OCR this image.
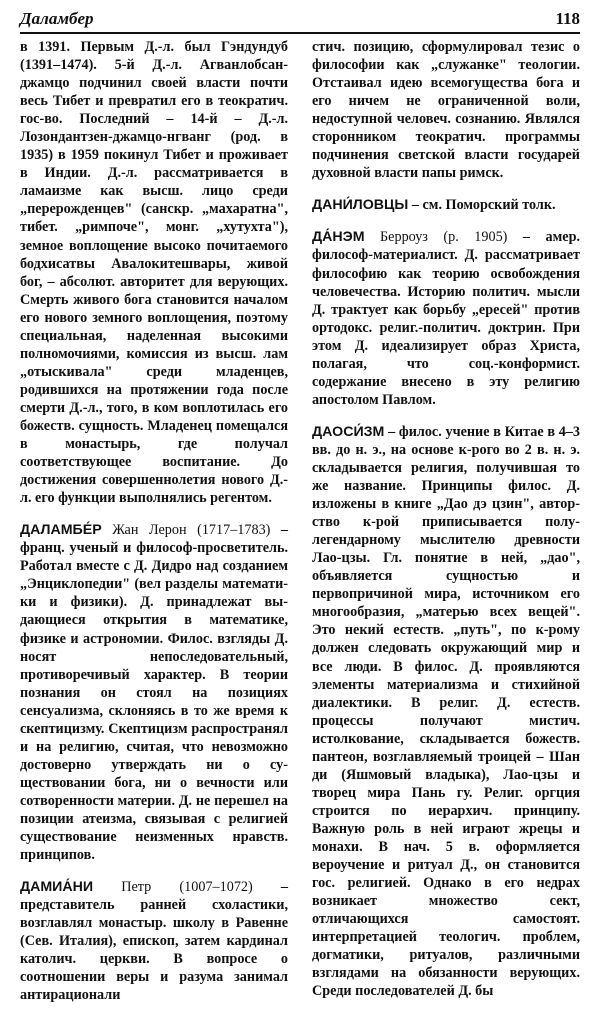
Даламбер	118

в 1391. Первым Д.-л. был Гэндундуб (1391–1474). 5-й Д.-л. Агванлобсан-джамцо подчинил своей власти почти весь Тибет и превратил его в теократич. гос-во. Последний – 14-й – Д.-л. Лозондантзен-джамцо-нгванг (род. в 1935) в 1959 покинул Тибет и проживает в Индии. Д.-л. рассматривается в ламаизме как высш. лицо среди „перерожденцев" (санскр. „махаратна", тибет. „римпоче", монг. „хутухта"), земное воплощение высоко почитаемого бодхисатвы Авалокитешвары, живой бог, – абсолют. авторитет для верующих. Смерть живого бога становится началом его нового земного воплощения, поэтому специальная, наделенная высокими полномочиями, комиссия из высш. лам „отыскивала" среди младенцев, родившихся на протяжении года после смерти Д.-л., того, в ком воплотилась его божеств. сущность. Младенец помещался в монастырь, где получал соответствующее воспитание. До достижения совершеннолетия нового Д.-л. его функции выполнялись регентом.

ДАЛАМБЕ́Р Жан Лерон (1717–1783) – франц. ученый и философ-просветитель. Работал вместе с Д. Дидро над созданием „Энциклопедии" (вел разделы математики и физики). Д. принадлежат выдающиеся открытия в математике, физике и астрономии. Филос. взгляды Д. носят непоследовательный, противоречивый характер. В теории познания он стоял на позициях сенсуализма, склоняясь в то же время к скептицизму. Скептицизм распространял и на религию, считая, что невозможно достоверно утверждать ни о существовании бога, ни о вечности или сотворенности материи. Д. не перешел на позиции атеизма, связывая с религией существование неизменных нравств. принципов.

ДАМИА́НИ Петр (1007–1072) – представитель ранней схоластики, возглавлял монастыр. школу в Равенне (Сев. Италия), епископ, затем кардинал католич. церкви. В вопросе о соотношении веры и разума занимал антирационали

стич. позицию, сформулировал тезис о философии как „служанке" теологии. Отстаивал идею всемогущества бога и его ничем не ограниченной воли, недоступной человеч. сознанию. Являлся сторонником теократич. программы подчинения светской власти государей духовной власти папы римск.

ДАНИ́ЛОВЦЫ – см. Поморский толк.

ДА́НЭМ Берроуз (р. 1905) – амер. философ-материалист. Д. рассматривает философию как теорию освобождения человечества. Историю политич. мысли Д. трактует как борьбу „ересей" против ортодокс. религ.-политич. доктрин. При этом Д. идеализирует образ Христа, полагая, что соц.-конформист. содержание внесено в эту религию апостолом Павлом.

ДАОСИ́ЗМ – филос. учение в Китае в 4–3 вв. до н. э., на основе к-рого во 2 в. н. э. складывается религия, получившая то же название. Принципы филос. Д. изложены в книге „Дао дэ цзин", авторство к-рой приписывается полулегендарному мыслителю древности Лао-цзы. Гл. понятие в ней, „дао", объявляется сущностью и первопричиной мира, источником его многообразия, „матерью всех вещей". Это некий естеств. „путь", по к-рому должен следовать окружающий мир и все люди. В филос. Д. проявляются элементы материализма и стихийной диалектики. В религ. Д. естеств. процессы получают мистич. истолкование, складывается божеств. пантеон, возглавляемый троицей – Шан ди (Яшмовый владыка), Лао-цзы и творец мира Пань гу. Религ. оргция строится по иерархич. принципу. Важную роль в ней играют жрецы и монахи. В нач. 5 в. оформляется вероучение и ритуал Д., он становится гос. религией. Однако в его недрах возникает множество сект, отличающихся самостоят. интерпретацией теологич. проблем, догматики, ритуалов, различными взглядами на обязанности верующих. Среди последователей Д. бы
